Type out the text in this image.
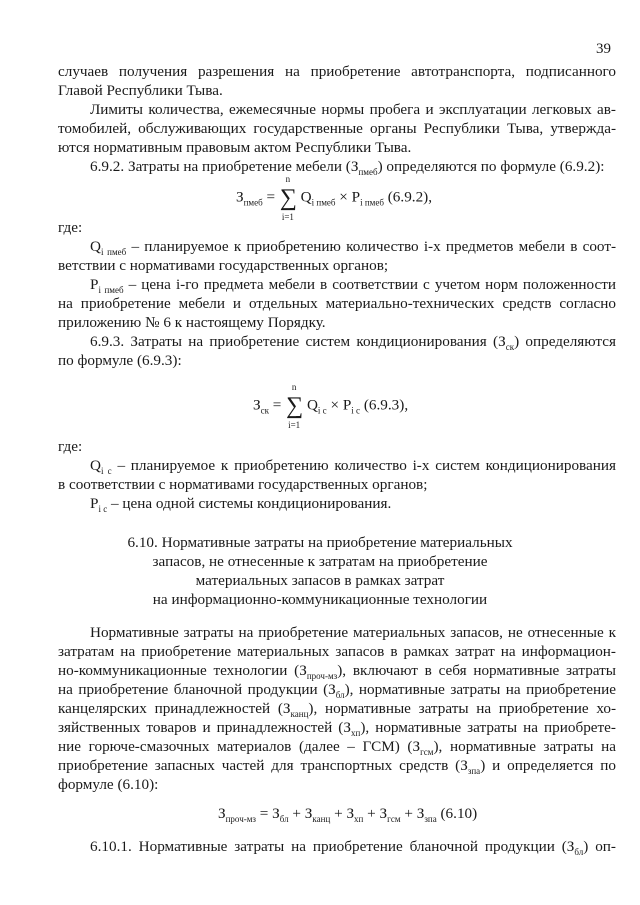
39
случаев получения разрешения на приобретение автотранспорта, подписанного
Главой Республики Тыва.
Лимиты количества, ежемесячные нормы пробега и эксплуатации легковых ав-
томобилей, обслуживающих государственные органы Республики Тыва, утвержда-
ются нормативным правовым актом Республики Тыва.
6.9.2. Затраты на приобретение мебели $(З_{пмеб})$ определяются по формуле (6.9.2):
$З_{пмеб}$ =
n
∑
i=1
$Q_{i пмеб} \times P_{i пмеб}$ (6.9.2),
где:
$Q_{i пмеб}$ – планируемое к приобретению количество i-х предметов мебели в соот-
ветствии с нормативами государственных органов;
$P_{i пмеб}$ – цена i-го предмета мебели в соответствии с учетом норм положенности
на приобретение мебели и отдельных материально-технических средств согласно
приложению № 6 к настоящему Порядку.
6.9.3. Затраты на приобретение систем кондиционирования $(З_{ск})$ определяются
по формуле (6.9.3):
$З_{ск}$ =
n
∑
i=1
$Q_{i с} \times P_{i с}$ (6.9.3),
где:
$Q_{i с}$ – планируемое к приобретению количество i-х систем кондиционирования
в соответствии с нормативами государственных органов;
$P_{i с}$ – цена одной системы кондиционирования.
6.10. Нормативные затраты на приобретение материальных
запасов, не отнесенные к затратам на приобретение
материальных запасов в рамках затрат
на информационно-коммуникационные технологии
Нормативные затраты на приобретение материальных запасов, не отнесенные к
затратам на приобретение материальных запасов в рамках затрат на информацион-
но-коммуникационные технологии $(З_{проч-мз})$, включают в себя нормативные затраты
на приобретение бланочной продукции $(З_{бл})$, нормативные затраты на приобретение
канцелярских принадлежностей $(З_{канц})$, нормативные затраты на приобретение хо-
зяйственных товаров и принадлежностей $(З_{хп})$, нормативные затраты на приобрете-
ние горюче-смазочных материалов (далее – ГСМ) $(З_{гсм})$, нормативные затраты на
приобретение запасных частей для транспортных средств $(З_{зпа})$ и определяется по
формуле (6.10):
$З_{проч-мз} = З_{бл} + З_{канц} + З_{хп} + З_{гсм} + З_{зпа}$ (6.10)
6.10.1. Нормативные затраты на приобретение бланочной продукции $(З_{бл})$ оп-
